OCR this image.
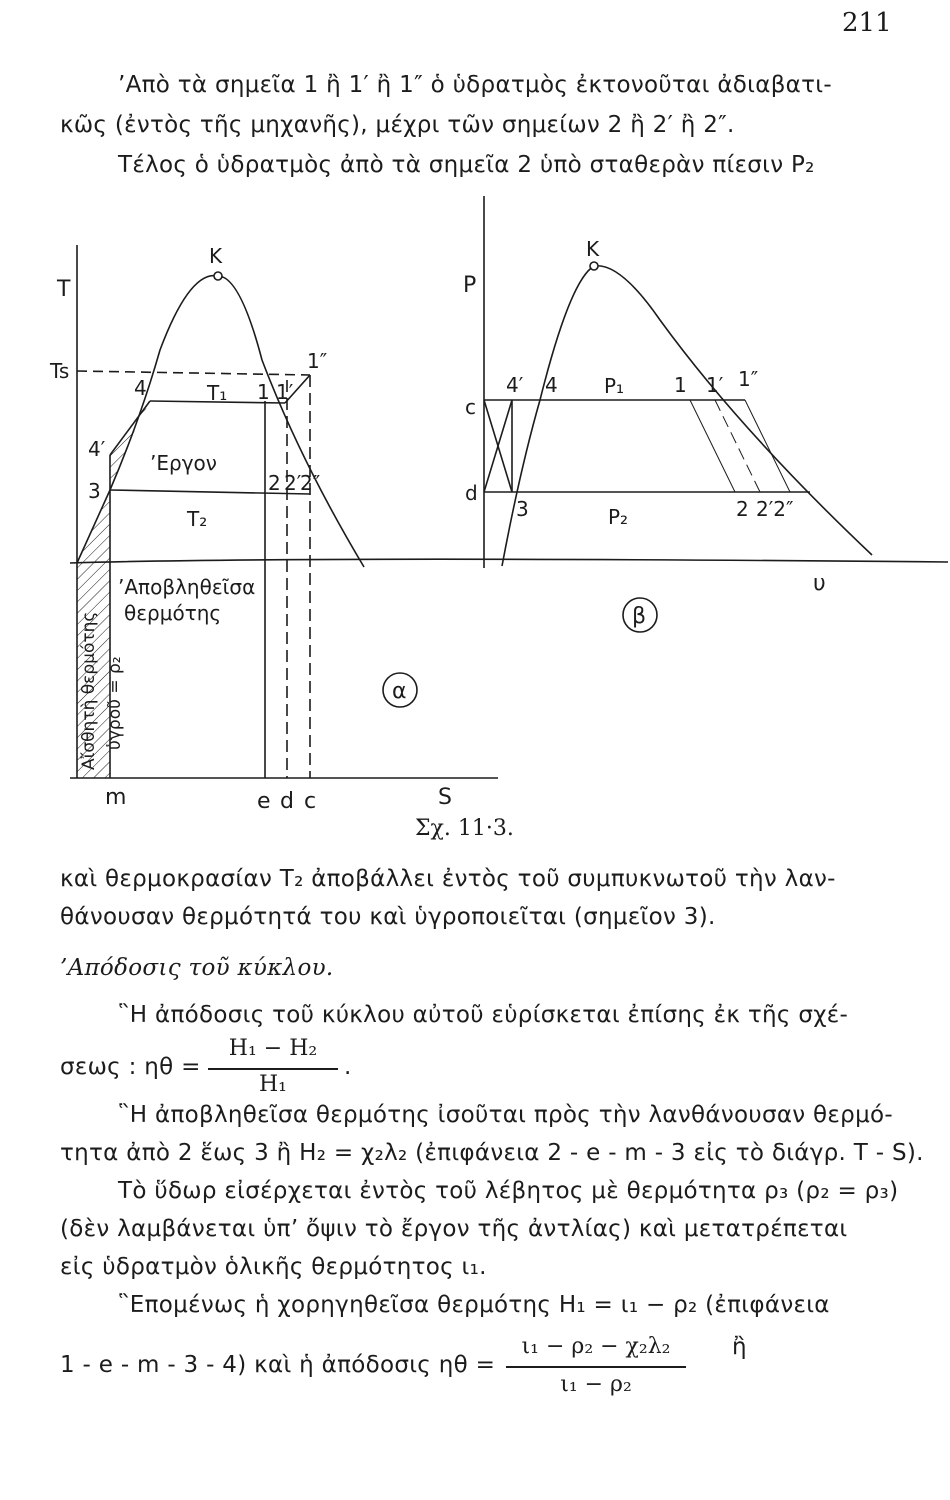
211
’Απὸ τὰ σημεῖα 1 ἢ 1′ ἢ 1″ ὁ ὑδρατμὸς ἐκτονοῦται ἀδιαβατι-
κῶς (ἐντὸς τῆς μηχανῆς), μέχρι τῶν σημείων 2 ἢ 2′ ἢ 2″.
Τέλος ὁ ὑδρατμὸς ἀπὸ τὰ σημεῖα 2 ὑπὸ σταθερὰν πίεσιν P₂
T
S
Ts
K
T₁
T₂
’Εργον
’Αποβληθεῖσα
θερμότης
Αἴσθητὴ θερμότης ὑγροῦ = ρ₂
4
4′
3
1 1′
1″
2 2′
2″
m	e d c
α
P
υ
K
P₁
P₂
c
d
4′ 4
3
1 1′ 1″
2 2′2″
β
Σχ. 11·3.
καὶ θερμοκρασίαν T₂ ἀποβάλλει ἐντὸς τοῦ συμπυκνωτοῦ τὴν λαν-
θάνουσαν θερμότητά του καὶ ὑγροποιεῖται (σημεῖον 3).
’Απόδοσις τοῦ κύκλου.
῝Η ἀπόδοσις τοῦ κύκλου αὐτοῦ εὑρίσκεται ἐπίσης ἐκ τῆς σχέ-
σεως : ηθ =
H₁ − H₂
H₁
.
῝Η ἀποβληθεῖσα θερμότης ἰσοῦται πρὸς τὴν λανθάνουσαν θερμό-
τητα ἀπὸ 2 ἕως 3 ἢ H₂ = χ₂λ₂ (ἐπιφάνεια 2 - e - m - 3 εἰς τὸ διάγρ. T - S).
Τὸ ὕδωρ εἰσέρχεται ἐντὸς τοῦ λέβητος μὲ θερμότητα ρ₃ (ρ₂ = ρ₃)
(δὲν λαμβάνεται ὑπ’ ὄψιν τὸ ἔργον τῆς ἀντλίας) καὶ μετατρέπεται
εἰς ὑδρατμὸν ὁλικῆς θερμότητος ι₁.
῝Επομένως ἡ χορηγηθεῖσα θερμότης H₁ = ι₁ − ρ₂ (ἐπιφάνεια
1 - e - m - 3 - 4) καὶ ἡ ἀπόδοσις ηθ =
ι₁ − ρ₂ − χ₂λ₂
ι₁ − ρ₂
ἢ
